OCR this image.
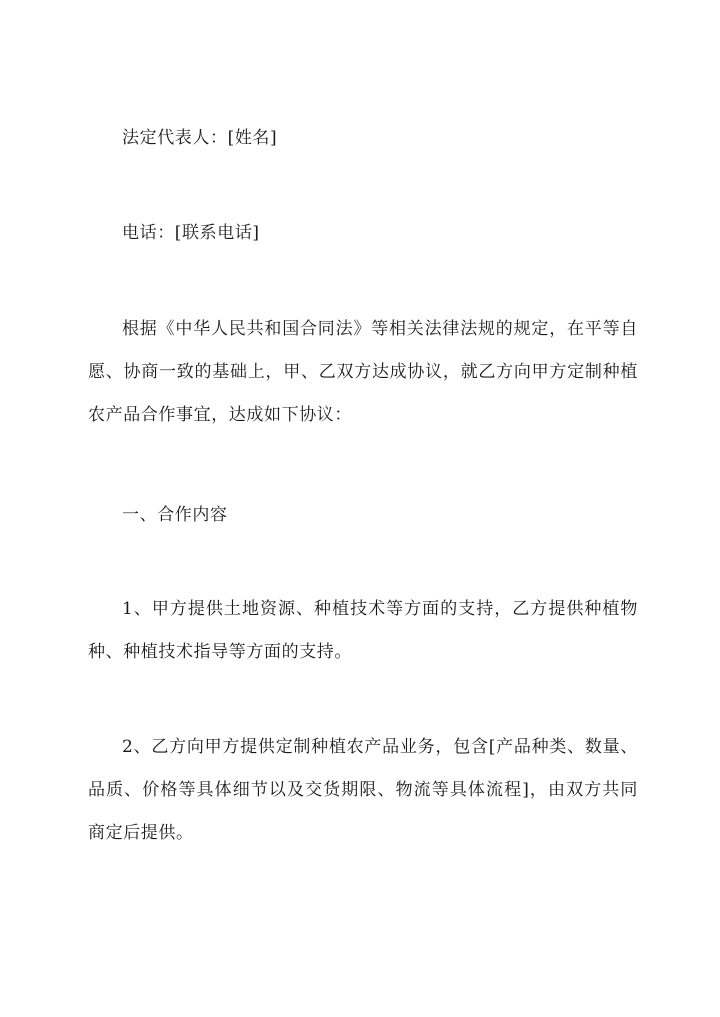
法定代表人：[姓名]

电话：[联系电话]

根据《中华人民共和国合同法》等相关法律法规的规定，在平等自愿、协商一致的基础上，甲、乙双方达成协议，就乙方向甲方定制种植农产品合作事宜，达成如下协议：

一、合作内容

1、甲方提供土地资源、种植技术等方面的支持，乙方提供种植物种、种植技术指导等方面的支持。

2、乙方向甲方提供定制种植农产品业务，包含[产品种类、数量、品质、价格等具体细节以及交货期限、物流等具体流程]，由双方共同商定后提供。
